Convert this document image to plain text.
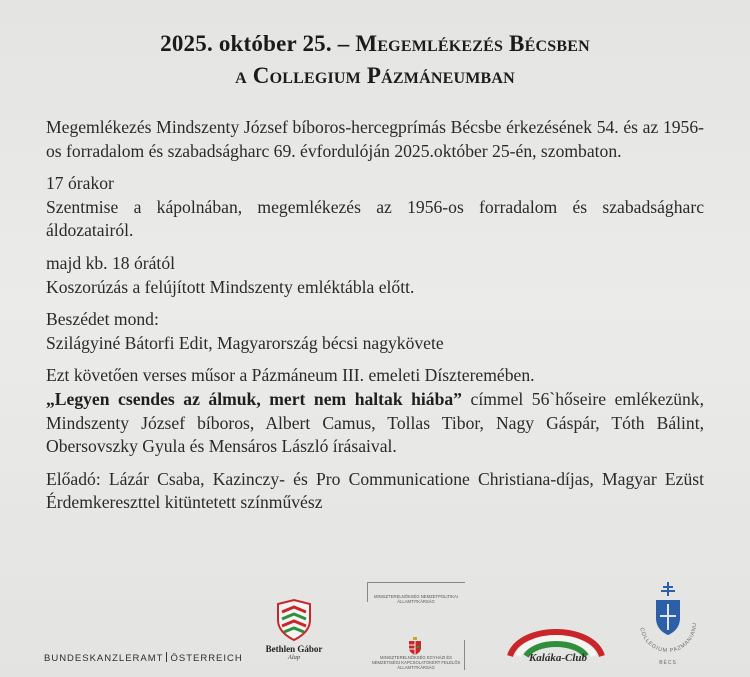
2025. október 25. – Megemlékezés Bécsben
a Collegium Pázmáneumban

Megemlékezés Mindszenty József bíboros-hercegprímás Bécsbe érkezésének 54. és az 1956-os forradalom és szabadságharc 69. évfordulóján 2025.október 25-én, szombaton.

17 órakor

Szentmise a kápolnában, megemlékezés az 1956-os forradalom és szabadságharc áldozatairól.

majd kb. 18 órától

Koszorúzás a felújított Mindszenty emléktábla előtt.

Beszédet mond:

Szilágyiné Bátorfi Edit, Magyarország bécsi nagykövete

Ezt követően verses műsor a Pázmáneum III. emeleti Díszteremében.

„Legyen csendes az álmuk, mert nem haltak hiába” címmel 56`hőseire emlékezünk, Mindszenty József bíboros, Albert Camus, Tollas Tibor, Nagy Gáspár, Tóth Bálint, Obersovszky Gyula és Mensáros László írásaival.

Előadó: Lázár Csaba, Kazinczy- és Pro Communicatione Christiana-díjas, Magyar Ezüst Érdemkereszttel kitüntetett színművész

BUNDESKANZLERAMT ÖSTERREICH
Bethlen Gábor
Alap
MINISZTERELNÖKSÉG NEMZETPOLITIKAI ÁLLAMTITKÁRSÁG
MINISZTERELNÖKSÉG EGYHÁZI ÉS NEMZETISÉGI KAPCSOLATOKÉRT FELELŐS ÁLLAMTITKÁRSÁG
Kaláka-Club
COLLEGIUM PAZMANIANU
BÉCS
